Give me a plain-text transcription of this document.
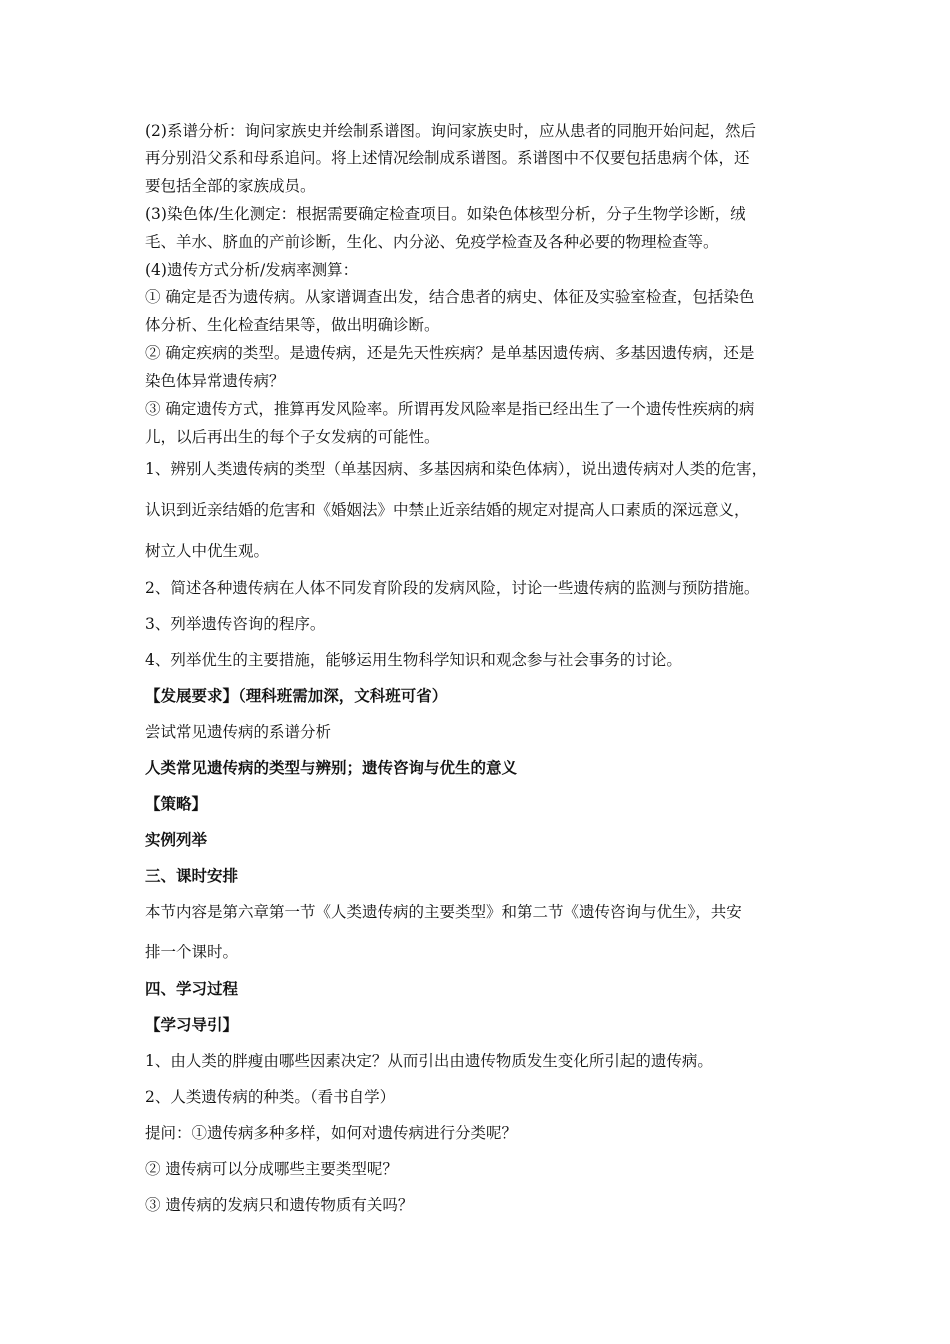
(2)系谱分析：询问家族史并绘制系谱图。询问家族史时，应从患者的同胞开始问起，然后
再分别沿父系和母系追问。将上述情况绘制成系谱图。系谱图中不仅要包括患病个体，还
要包括全部的家族成员。
(3)染色体/生化测定：根据需要确定检查项目。如染色体核型分析，分子生物学诊断，绒
毛、羊水、脐血的产前诊断，生化、内分泌、免疫学检查及各种必要的物理检查等。
(4)遗传方式分析/发病率测算：
① 确定是否为遗传病。从家谱调查出发，结合患者的病史、体征及实验室检查，包括染色
体分析、生化检查结果等，做出明确诊断。
② 确定疾病的类型。是遗传病，还是先天性疾病？是单基因遗传病、多基因遗传病，还是
染色体异常遗传病？
③ 确定遗传方式，推算再发风险率。所谓再发风险率是指已经出生了一个遗传性疾病的病
儿，以后再出生的每个子女发病的可能性。
1、辨别人类遗传病的类型（单基因病、多基因病和染色体病），说出遗传病对人类的危害，
认识到近亲结婚的危害和《婚姻法》中禁止近亲结婚的规定对提高人口素质的深远意义，
树立人中优生观。
2、简述各种遗传病在人体不同发育阶段的发病风险，讨论一些遗传病的监测与预防措施。
3、列举遗传咨询的程序。
4、列举优生的主要措施，能够运用生物科学知识和观念参与社会事务的讨论。
【发展要求】（理科班需加深，文科班可省）
尝试常见遗传病的系谱分析
人类常见遗传病的类型与辨别；遗传咨询与优生的意义
【策略】
实例列举
三、课时安排
本节内容是第六章第一节《人类遗传病的主要类型》和第二节《遗传咨询与优生》，共安
排一个课时。
四、学习过程
【学习导引】
1、由人类的胖瘦由哪些因素决定？从而引出由遗传物质发生变化所引起的遗传病。
2、人类遗传病的种类。（看书自学）
提问：①遗传病多种多样，如何对遗传病进行分类呢？
② 遗传病可以分成哪些主要类型呢？
③ 遗传病的发病只和遗传物质有关吗？
